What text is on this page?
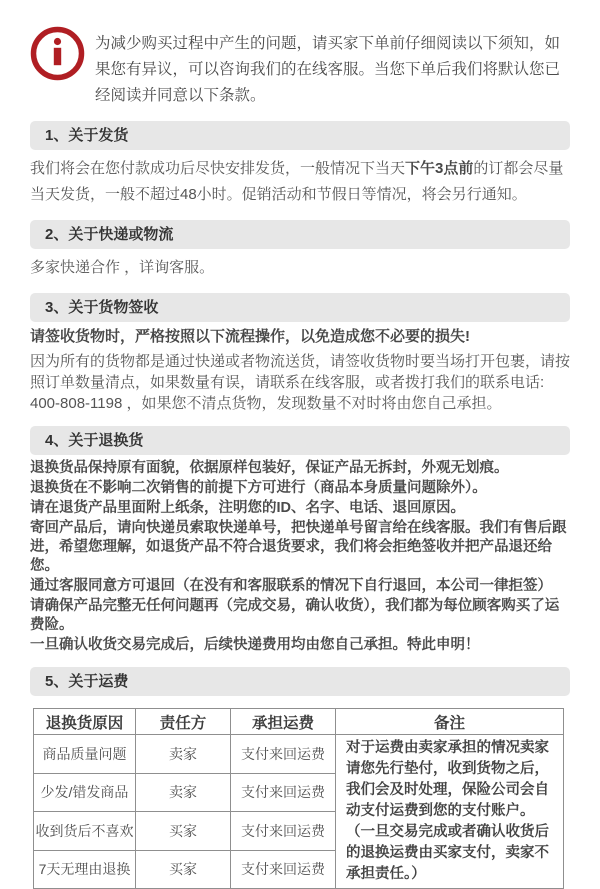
为减少购买过程中产生的问题，请买家下单前仔细阅读以下须知，如果您有异议，可以咨询我们的在线客服。当您下单后我们将默认您已经阅读并同意以下条款。

1、关于发货

我们将会在您付款成功后尽快安排发货，一般情况下当天下午3点前的订都会尽量当天发货，一般不超过48小时。促销活动和节假日等情况，将会另行通知。

2、关于快递或物流

多家快递合作 ，详询客服。

3、关于货物签收

请签收货物时，严格按照以下流程操作，以免造成您不必要的损失!

因为所有的货物都是通过快递或者物流送货，请签收货物时要当场打开包裹，请按照订单数量清点，如果数量有误，请联系在线客服，或者拨打我们的联系电话: 400-808-1198 ，如果您不清点货物，发现数量不对时将由您自己承担。

4、关于退换货

退换货品保持原有面貌，依据原样包装好，保证产品无拆封，外观无划痕。

退换货在不影响二次销售的前提下方可进行（商品本身质量问题除外）。

请在退货产品里面附上纸条，注明您的ID、名字、电话、退回原因。

寄回产品后，请向快递员索取快递单号，把快递单号留言给在线客服。我们有售后跟进，希望您理解，如退货产品不符合退货要求，我们将会拒绝签收并把产品退还给您。

通过客服同意方可退回（在没有和客服联系的情况下自行退回，本公司一律拒签）

请确保产品完整无任何问题再（完成交易，确认收货），我们都为每位顾客购买了运费险。

一旦确认收货交易完成后，后续快递费用均由您自己承担。特此申明！

5、关于运费
退换货原因	责任方	承担运费	备注
商品质量问题	卖家	支付来回运费	对于运费由卖家承担的情况卖家请您先行垫付，收到货物之后，我们会及时处理，保险公司会自动支付运费到您的支付账户。（一旦交易完成或者确认收货后的退换运费由买家支付，卖家不承担责任。）
少发/错发商品	卖家	支付来回运费	
收到货后不喜欢	买家	支付来回运费	
7天无理由退换	买家	支付来回运费	
